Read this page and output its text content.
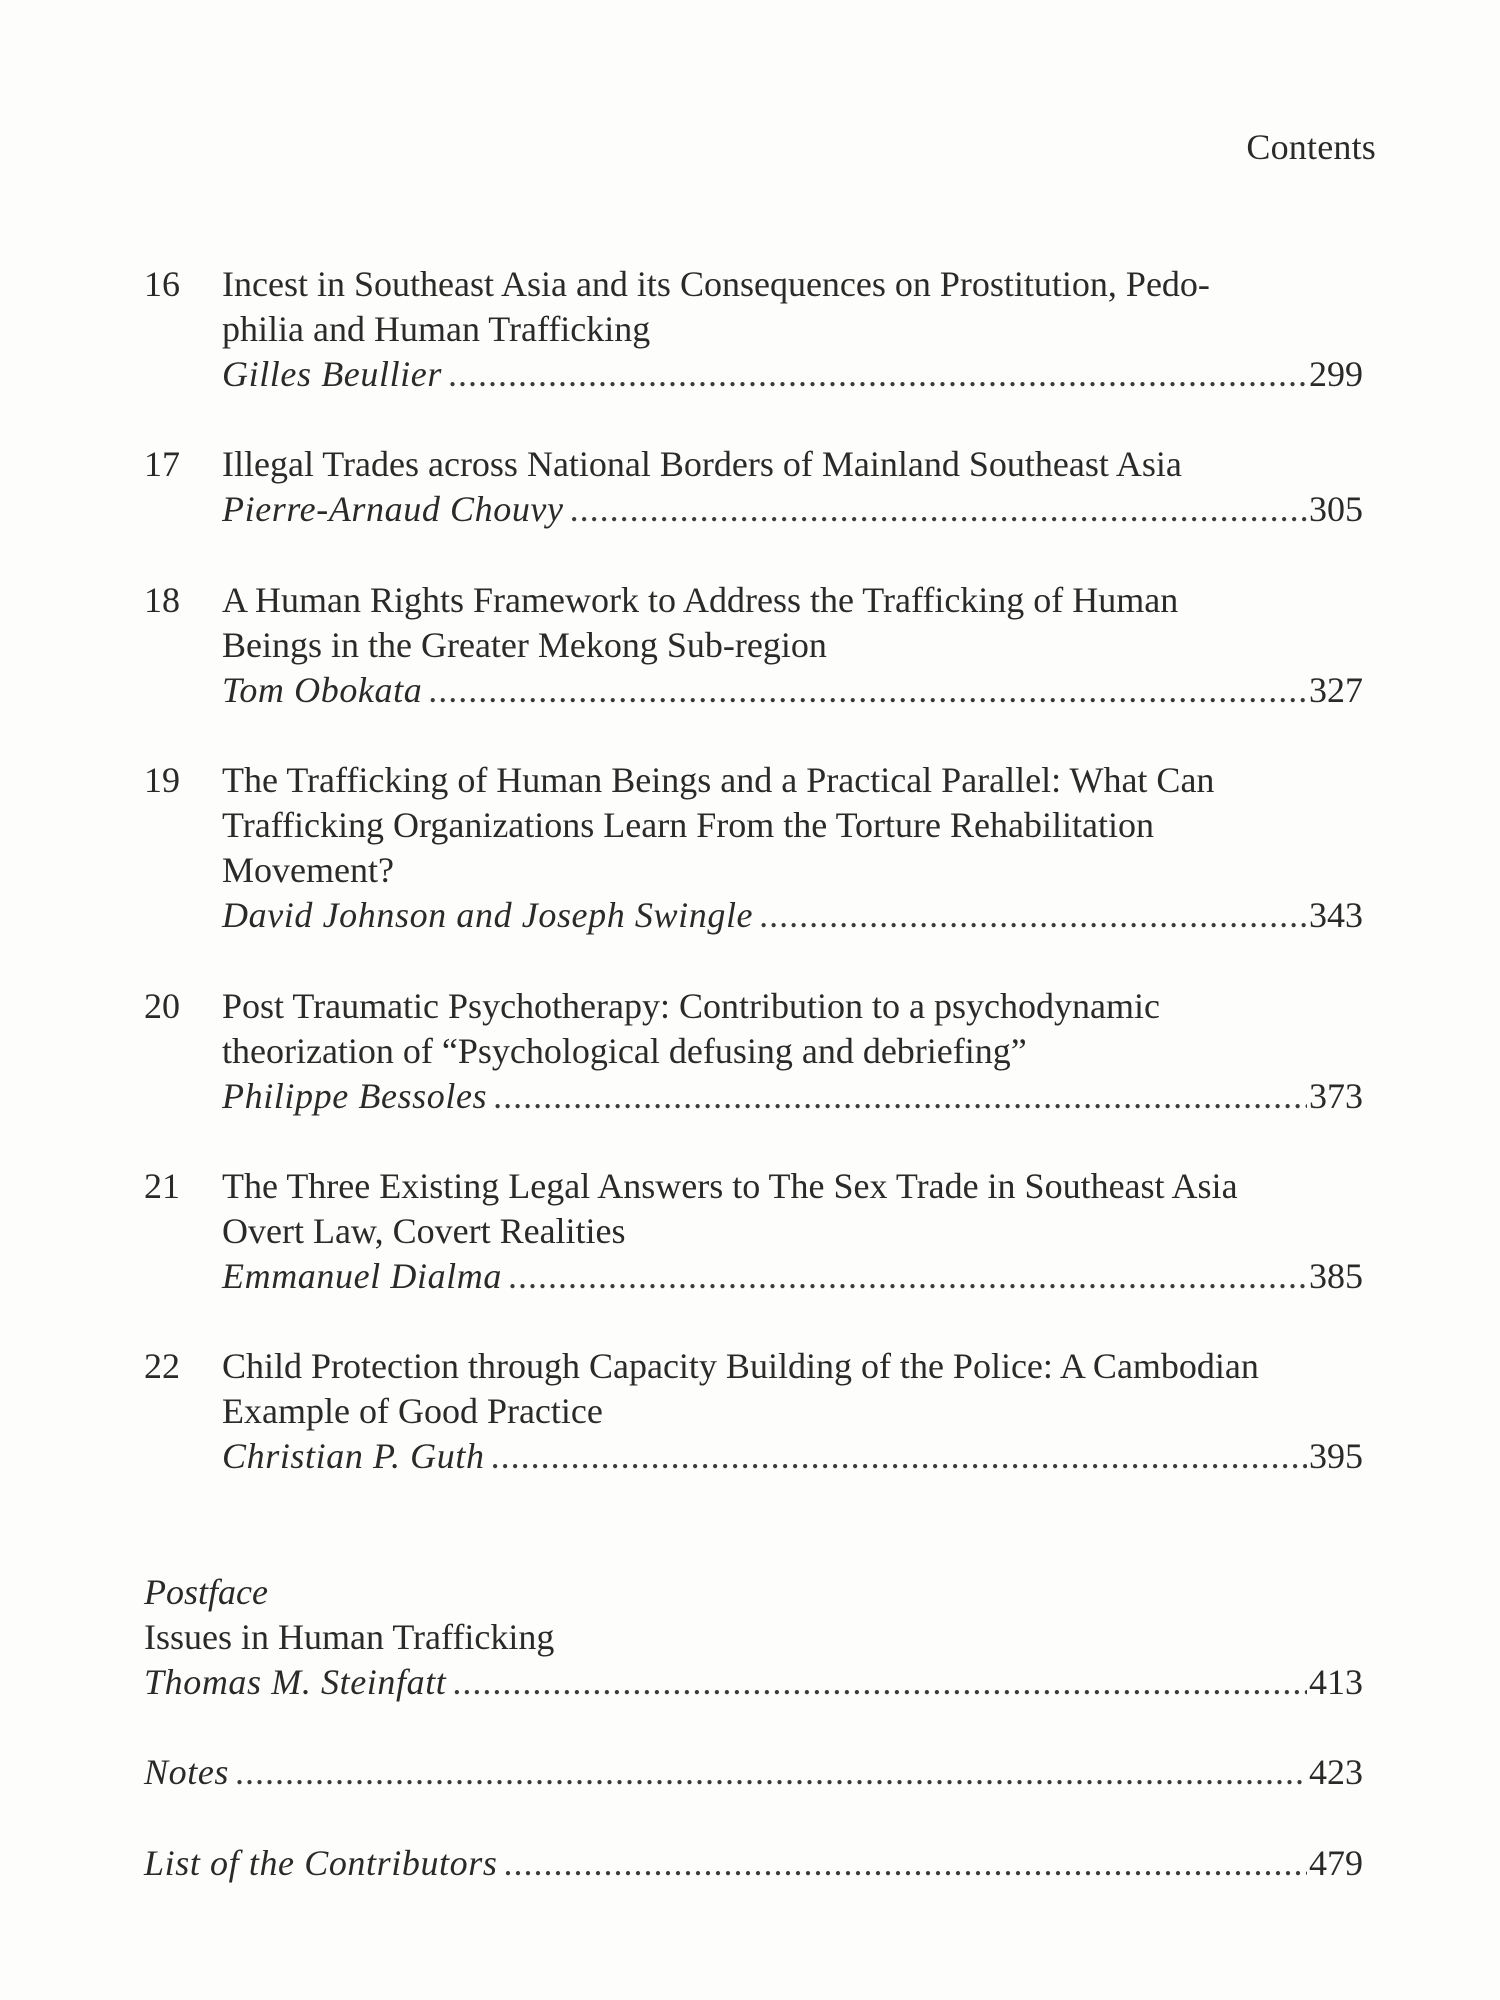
Contents
16	Incest in Southeast Asia and its Consequences on Prostitution, Pedo-
philia and Human Trafficking
Gilles Beullier .....	299
17	Illegal Trades across National Borders of Mainland Southeast Asia
Pierre-Arnaud Chouvy .....	305
18	A Human Rights Framework to Address the Trafficking of Human
Beings in the Greater Mekong Sub-region
Tom Obokata .....	327
19	The Trafficking of Human Beings and a Practical Parallel: What Can
Trafficking Organizations Learn From the Torture Rehabilitation
Movement?
David Johnson and Joseph Swingle .....	343
20	Post Traumatic Psychotherapy: Contribution to a psychodynamic
theorization of “Psychological defusing and debriefing”
Philippe Bessoles .....	373
21	The Three Existing Legal Answers to The Sex Trade in Southeast Asia
Overt Law, Covert Realities
Emmanuel Dialma .....	385
22	Child Protection through Capacity Building of the Police: A Cambodian
Example of Good Practice
Christian P. Guth .....	395
Postface
Issues in Human Trafficking
Thomas M. Steinfatt .....	413
Notes .....	423
List of the Contributors .....	479
